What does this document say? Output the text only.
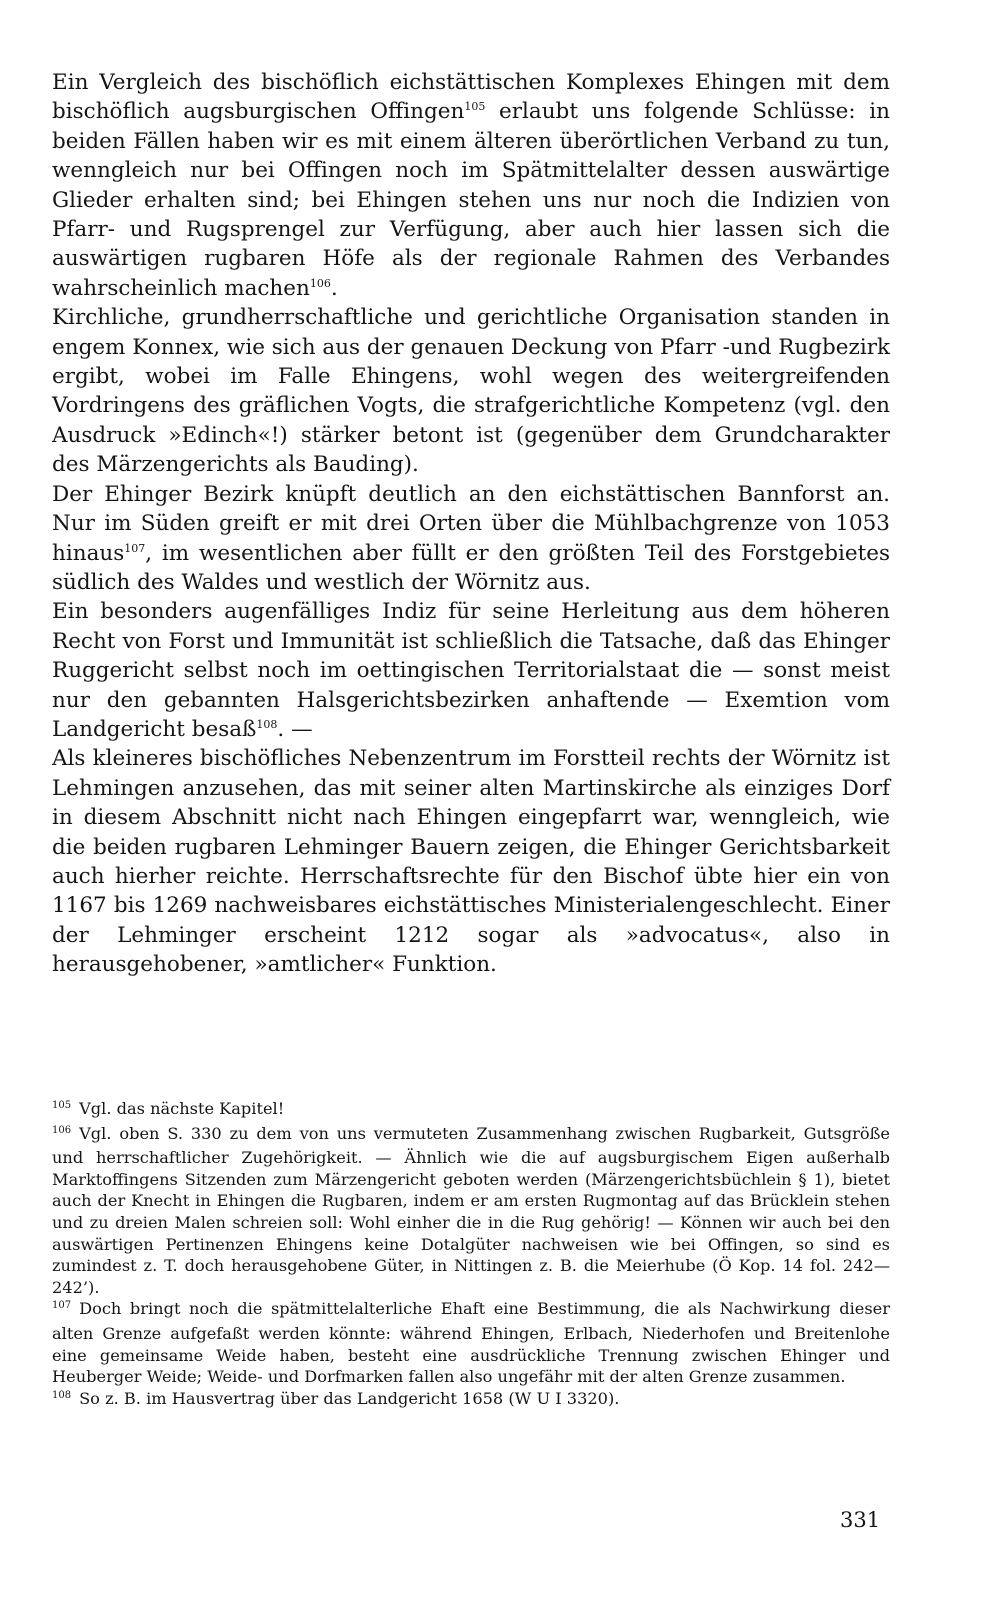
Ein Vergleich des bischöflich eichstättischen Komplexes Ehingen mit dem bischöflich augsburgischen Offingen$^{105}$ erlaubt uns folgende Schlüsse: in beiden Fällen haben wir es mit einem älteren überörtlichen Verband zu tun, wenngleich nur bei Offingen noch im Spätmittelalter dessen auswärtige Glieder erhalten sind; bei Ehingen stehen uns nur noch die Indizien von Pfarr- und Rugsprengel zur Verfügung, aber auch hier lassen sich die auswärtigen rugbaren Höfe als der regionale Rahmen des Verbandes wahrscheinlich machen$^{106}$.

Kirchliche, grundherrschaftliche und gerichtliche Organisation standen in engem Konnex, wie sich aus der genauen Deckung von Pfarr -und Rugbezirk ergibt, wobei im Falle Ehingens, wohl wegen des weitergreifenden Vordringens des gräflichen Vogts, die strafgerichtliche Kompetenz (vgl. den Ausdruck »Edinch«!) stärker betont ist (gegenüber dem Grundcharakter des Märzengerichts als Bauding).

Der Ehinger Bezirk knüpft deutlich an den eichstättischen Bannforst an. Nur im Süden greift er mit drei Orten über die Mühlbachgrenze von 1053 hinaus$^{107}$, im wesentlichen aber füllt er den größten Teil des Forstgebietes südlich des Waldes und westlich der Wörnitz aus.

Ein besonders augenfälliges Indiz für seine Herleitung aus dem höheren Recht von Forst und Immunität ist schließlich die Tatsache, daß das Ehinger Ruggericht selbst noch im oettingischen Territorialstaat die — sonst meist nur den gebannten Halsgerichtsbezirken anhaftende — Exemtion vom Landgericht besaß$^{108}$. —

Als kleineres bischöfliches Nebenzentrum im Forstteil rechts der Wörnitz ist Lehmingen anzusehen, das mit seiner alten Martinskirche als einziges Dorf in diesem Abschnitt nicht nach Ehingen eingepfarrt war, wenngleich, wie die beiden rugbaren Lehminger Bauern zeigen, die Ehinger Gerichtsbarkeit auch hierher reichte. Herrschaftsrechte für den Bischof übte hier ein von 1167 bis 1269 nachweisbares eichstättisches Ministerialengeschlecht. Einer der Lehminger erscheint 1212 sogar als »advocatus«, also in herausgehobener, »amtlicher« Funktion.

$^{105}$ Vgl. das nächste Kapitel!

$^{106}$ Vgl. oben S. 330 zu dem von uns vermuteten Zusammenhang zwischen Rugbarkeit, Gutsgröße und herrschaftlicher Zugehörigkeit. — Ähnlich wie die auf augsburgischem Eigen außerhalb Marktoffingens Sitzenden zum Märzengericht geboten werden (Märzengerichtsbüchlein § 1), bietet auch der Knecht in Ehingen die Rugbaren, indem er am ersten Rugmontag auf das Brücklein stehen und zu dreien Malen schreien soll: Wohl einher die in die Rug gehörig! — Können wir auch bei den auswärtigen Pertinenzen Ehingens keine Dotalgüter nachweisen wie bei Offingen, so sind es zumindest z. T. doch herausgehobene Güter, in Nittingen z. B. die Meierhube (Ö Kop. 14 fol. 242—242’).

$^{107}$ Doch bringt noch die spätmittelalterliche Ehaft eine Bestimmung, die als Nachwirkung dieser alten Grenze aufgefaßt werden könnte: während Ehingen, Erlbach, Niederhofen und Breitenlohe eine gemeinsame Weide haben, besteht eine ausdrückliche Trennung zwischen Ehinger und Heuberger Weide; Weide- und Dorfmarken fallen also ungefähr mit der alten Grenze zusammen.

$^{108}$ So z. B. im Hausvertrag über das Landgericht 1658 (W U I 3320).

331
